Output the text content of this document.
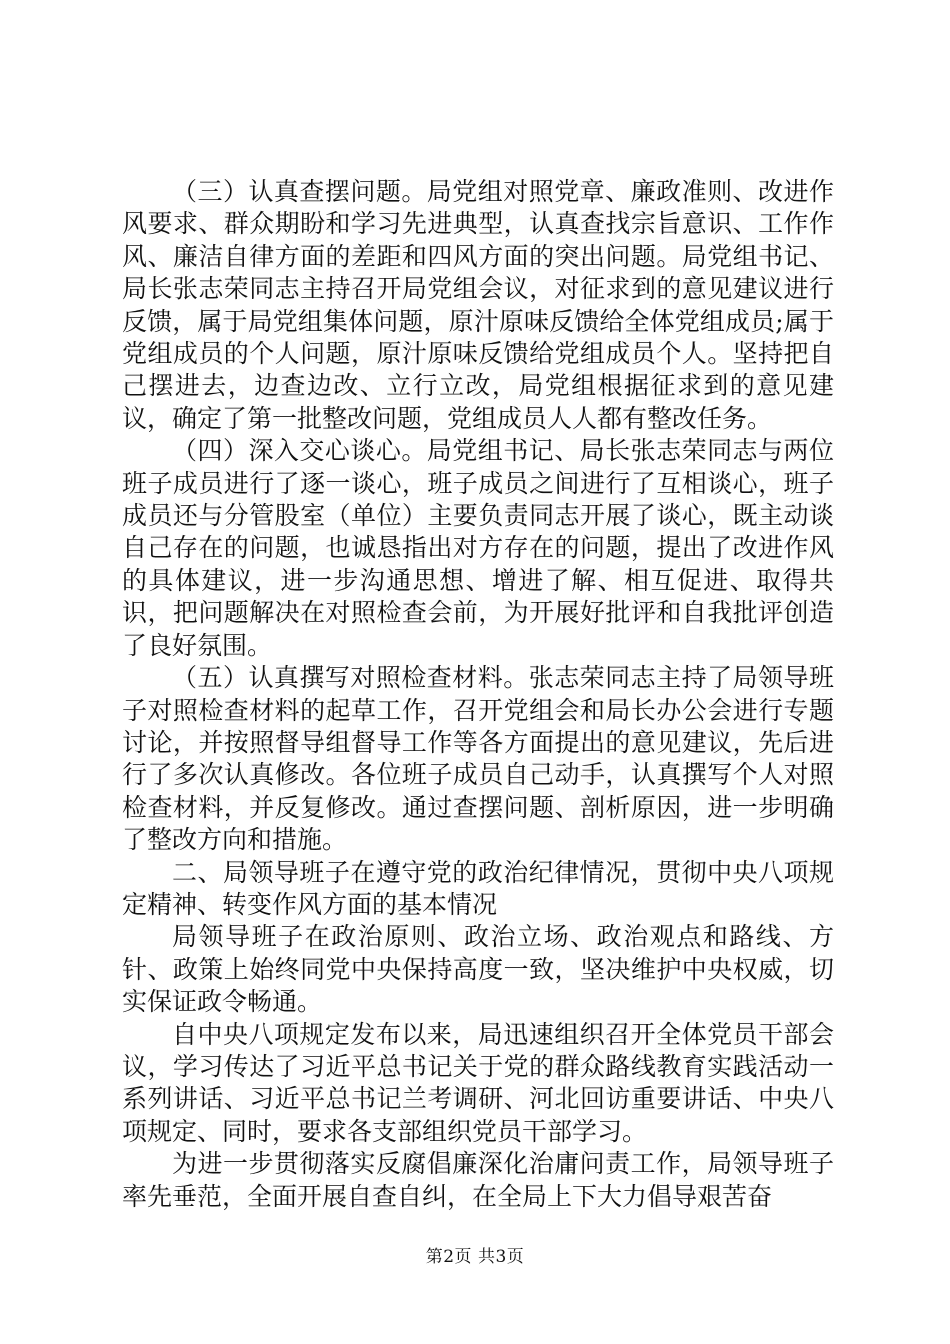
（三）认真查摆问题。局党组对照党章、廉政准则、改进作风要求、群众期盼和学习先进典型，认真查找宗旨意识、工作作风、廉洁自律方面的差距和四风方面的突出问题。局党组书记、局长张志荣同志主持召开局党组会议，对征求到的意见建议进行反馈，属于局党组集体问题，原汁原味反馈给全体党组成员;属于党组成员的个人问题，原汁原味反馈给党组成员个人。坚持把自己摆进去，边查边改、立行立改，局党组根据征求到的意见建议，确定了第一批整改问题，党组成员人人都有整改任务。

（四）深入交心谈心。局党组书记、局长张志荣同志与两位班子成员进行了逐一谈心，班子成员之间进行了互相谈心，班子成员还与分管股室（单位）主要负责同志开展了谈心，既主动谈自己存在的问题，也诚恳指出对方存在的问题，提出了改进作风的具体建议，进一步沟通思想、增进了解、相互促进、取得共识，把问题解决在对照检查会前，为开展好批评和自我批评创造了良好氛围。

（五）认真撰写对照检查材料。张志荣同志主持了局领导班子对照检查材料的起草工作，召开党组会和局长办公会进行专题讨论，并按照督导组督导工作等各方面提出的意见建议，先后进行了多次认真修改。各位班子成员自己动手，认真撰写个人对照检查材料，并反复修改。通过查摆问题、剖析原因，进一步明确了整改方向和措施。

二、局领导班子在遵守党的政治纪律情况，贯彻中央八项规定精神、转变作风方面的基本情况

局领导班子在政治原则、政治立场、政治观点和路线、方针、政策上始终同党中央保持高度一致，坚决维护中央权威，切实保证政令畅通。

自中央八项规定发布以来，局迅速组织召开全体党员干部会议，学习传达了习近平总书记关于党的群众路线教育实践活动一系列讲话、习近平总书记兰考调研、河北回访重要讲话、中央八项规定、同时，要求各支部组织党员干部学习。

为进一步贯彻落实反腐倡廉深化治庸问责工作，局领导班子率先垂范，全面开展自查自纠，在全局上下大力倡导艰苦奋

第2页 共3页
